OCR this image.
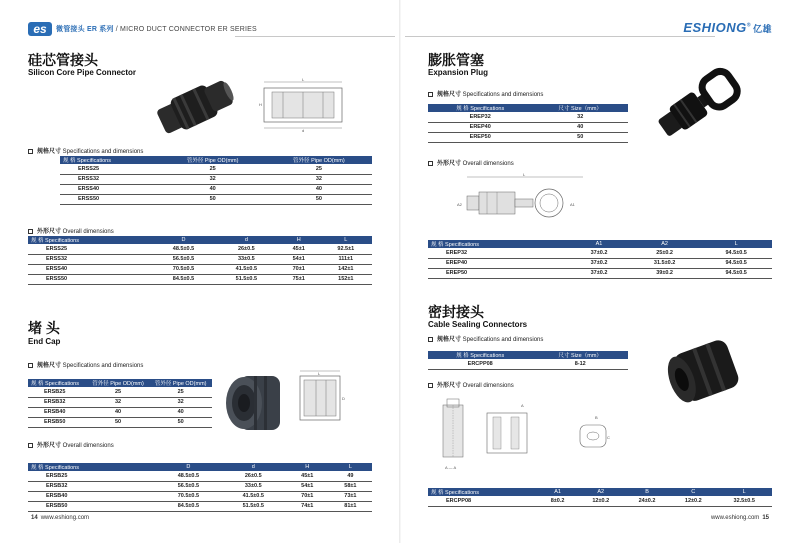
es	微管接头 ER 系列 / MICRO DUCT CONNECTOR ER SERIES	ESHIONG® 亿雄
硅芯管接头
Silicon Core Pipe Connector
L
H
d
规格尺寸 Specifications and dimensions
规 格 Specifications	管外径 Pipe OD(mm)	管外径 Pipe OD(mm)
ERSS25	25	25
ERSS32	32	32
ERSS40	40	40
ERSS50	50	50
外形尺寸 Overall dimensions
规 格 Specifications	D	d	H	L
ERSS25	48.5±0.5	26±0.5	45±1	92.5±1
ERSS32	56.5±0.5	33±0.5	54±1	111±1
ERSS40	70.5±0.5	41.5±0.5	70±1	142±1
ERSS50	84.5±0.5	51.5±0.5	75±1	152±1
堵 头
End Cap
规格尺寸 Specifications and dimensions
规 格 Specifications	管外径 Pipe OD(mm)	管外径 Pipe OD(mm)
ERSB25	25	25
ERSB32	32	32
ERSB40	40	40
ERSB50	50	50
L
D
外形尺寸 Overall dimensions
规 格 Specifications	D	d	H	L
ERSB25	48.5±0.5	26±0.5	45±1	49
ERSB32	56.5±0.5	33±0.5	54±1	58±1
ERSB40	70.5±0.5	41.5±0.5	70±1	73±1
ERSB50	84.5±0.5	51.5±0.5	74±1	81±1
14 www.eshiong.com
膨胀管塞
Expansion Plug
规格尺寸 Specifications and dimensions
规 格 Specifications	尺寸 Size（mm）
EREP32	32
EREP40	40
EREP50	50
外形尺寸 Overall dimensions
L
A2	A1
规 格 Specifications	A1	A2	L
EREP32	37±0.2	25±0.2	94.5±0.5
EREP40	37±0.2	31.5±0.2	94.5±0.5
EREP50	37±0.2	39±0.2	94.5±0.5
密封接头
Cable Sealing Connectors
规格尺寸 Specifications and dimensions
规 格 Specifications	尺寸 Size（mm）
ERCPP08	8-12
外形尺寸 Overall dimensions
A — A
A
B
C
规 格 Specifications	A1	A2	B	C	L
ERCPP08	8±0.2	12±0.2	24±0.2	12±0.2	32.5±0.5
www.eshiong.com 15
